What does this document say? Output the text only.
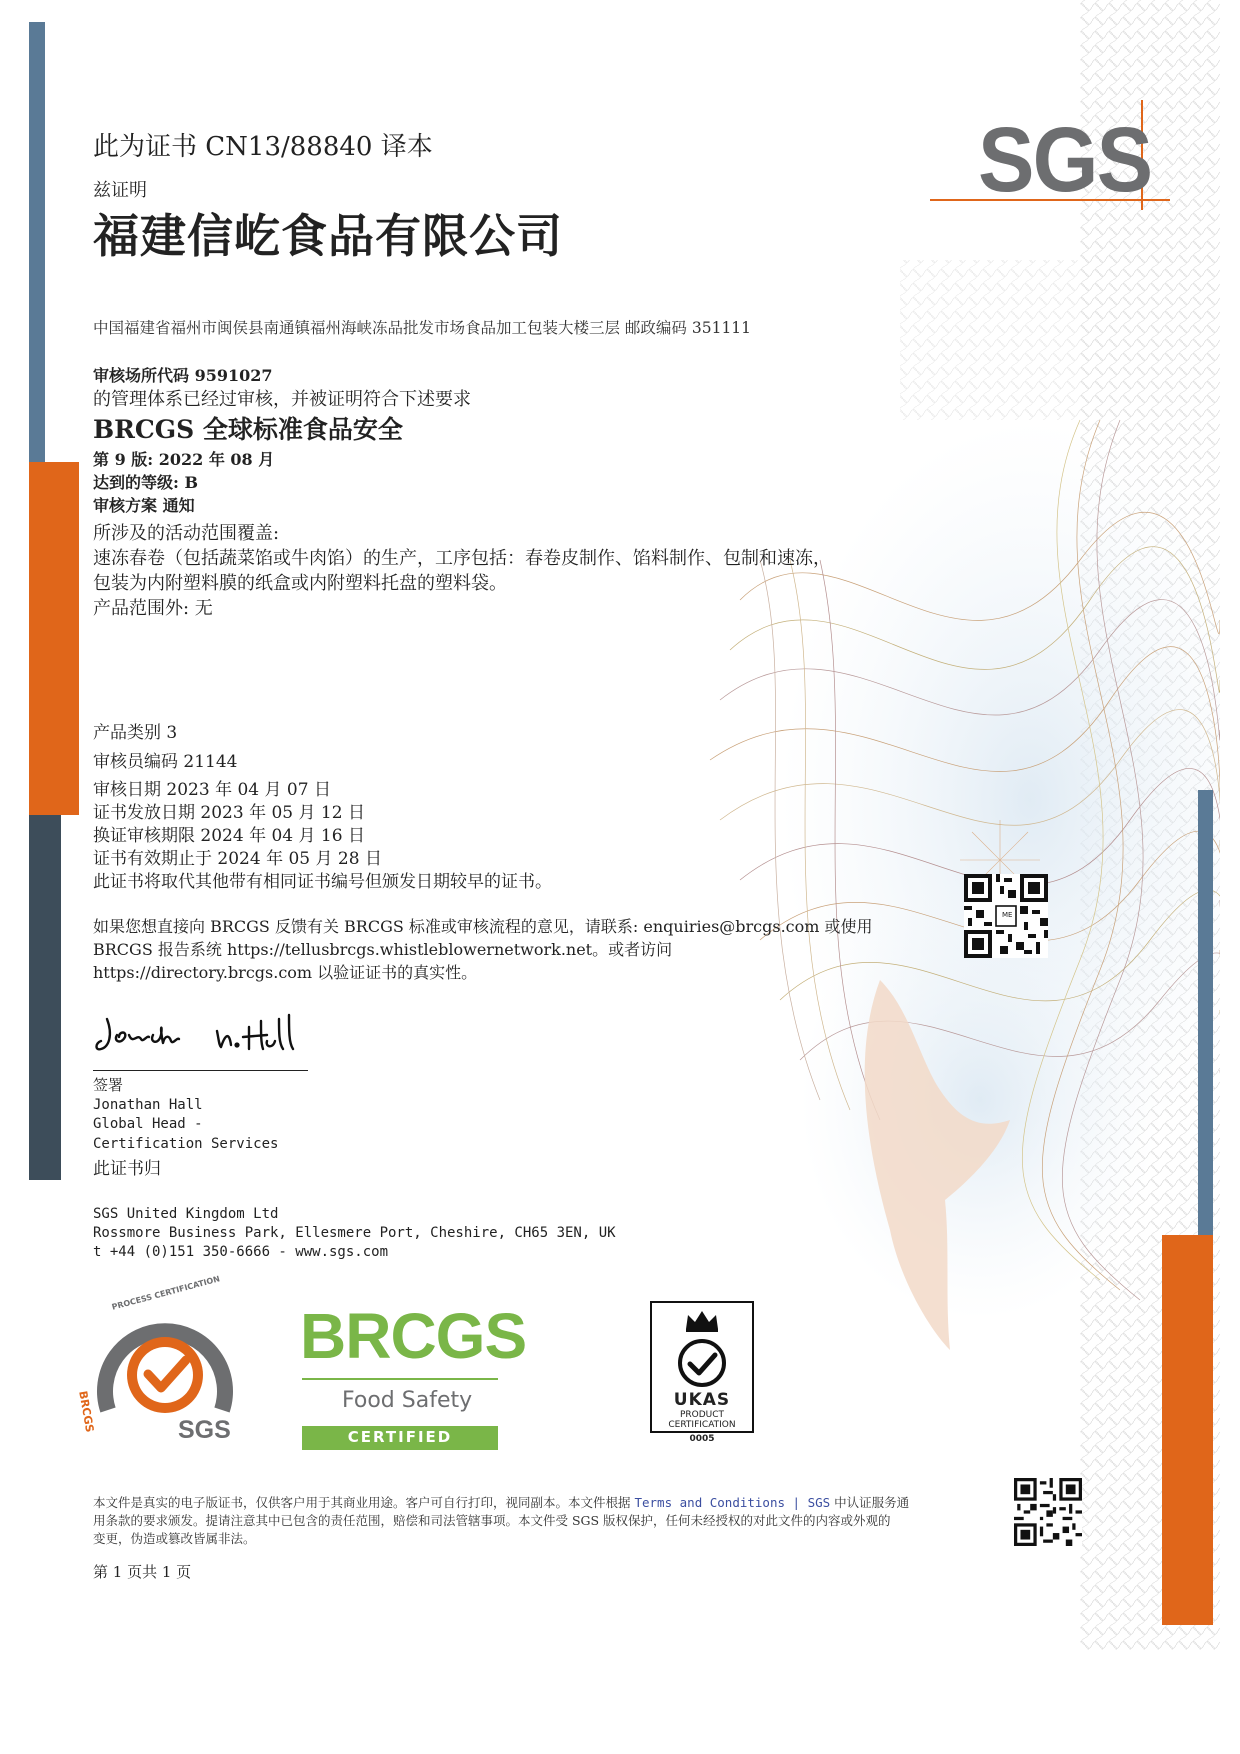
SGS
此为证书 CN13/88840 译本
兹证明
福建信屹食品有限公司
中国福建省福州市闽侯县南通镇福州海峡冻品批发市场食品加工包装大楼三层 邮政编码 351111
审核场所代码 9591027
的管理体系已经过审核，并被证明符合下述要求
BRCGS 全球标准食品安全
第 9 版: 2022 年 08 月
达到的等级: B
审核方案 通知
所涉及的活动范围覆盖:
速冻春卷（包括蔬菜馅或牛肉馅）的生产，工序包括：春卷皮制作、馅料制作、包制和速冻，
包装为内附塑料膜的纸盒或内附塑料托盘的塑料袋。
产品范围外: 无
产品类别 3
审核员编码 21144
审核日期 2023 年 04 月 07 日
证书发放日期 2023 年 05 月 12 日
换证审核期限 2024 年 04 月 16 日
证书有效期止于 2024 年 05 月 28 日
此证书将取代其他带有相同证书编号但颁发日期较早的证书。
ME
如果您想直接向 BRCGS 反馈有关 BRCGS 标准或审核流程的意见，请联系: enquiries@brcgs.com 或使用
BRCGS 报告系统 https://tellusbrcgs.whistleblowernetwork.net。或者访问
https://directory.brcgs.com 以验证证书的真实性。
签署
Jonathan Hall
Global Head -
Certification Services
此证书归
SGS United Kingdom Ltd
Rossmore Business Park, Ellesmere Port, Cheshire, CH65 3EN, UK
t +44 (0)151 350-6666 - www.sgs.com
PROCESS CERTIFICATION
BRCGS	SGS
BRCGS
Food Safety
CERTIFIED
UKAS
PRODUCT
CERTIFICATION
0005
本文件是真实的电子版证书，仅供客户用于其商业用途。客户可自行打印，视同副本。本文件根据 Terms and Conditions | SGS 中认证服务通
用条款的要求颁发。提请注意其中已包含的责任范围，赔偿和司法管辖事项。本文件受 SGS 版权保护，任何未经授权的对此文件的内容或外观的
变更，伪造或篡改皆属非法。
第 1 页共 1 页
